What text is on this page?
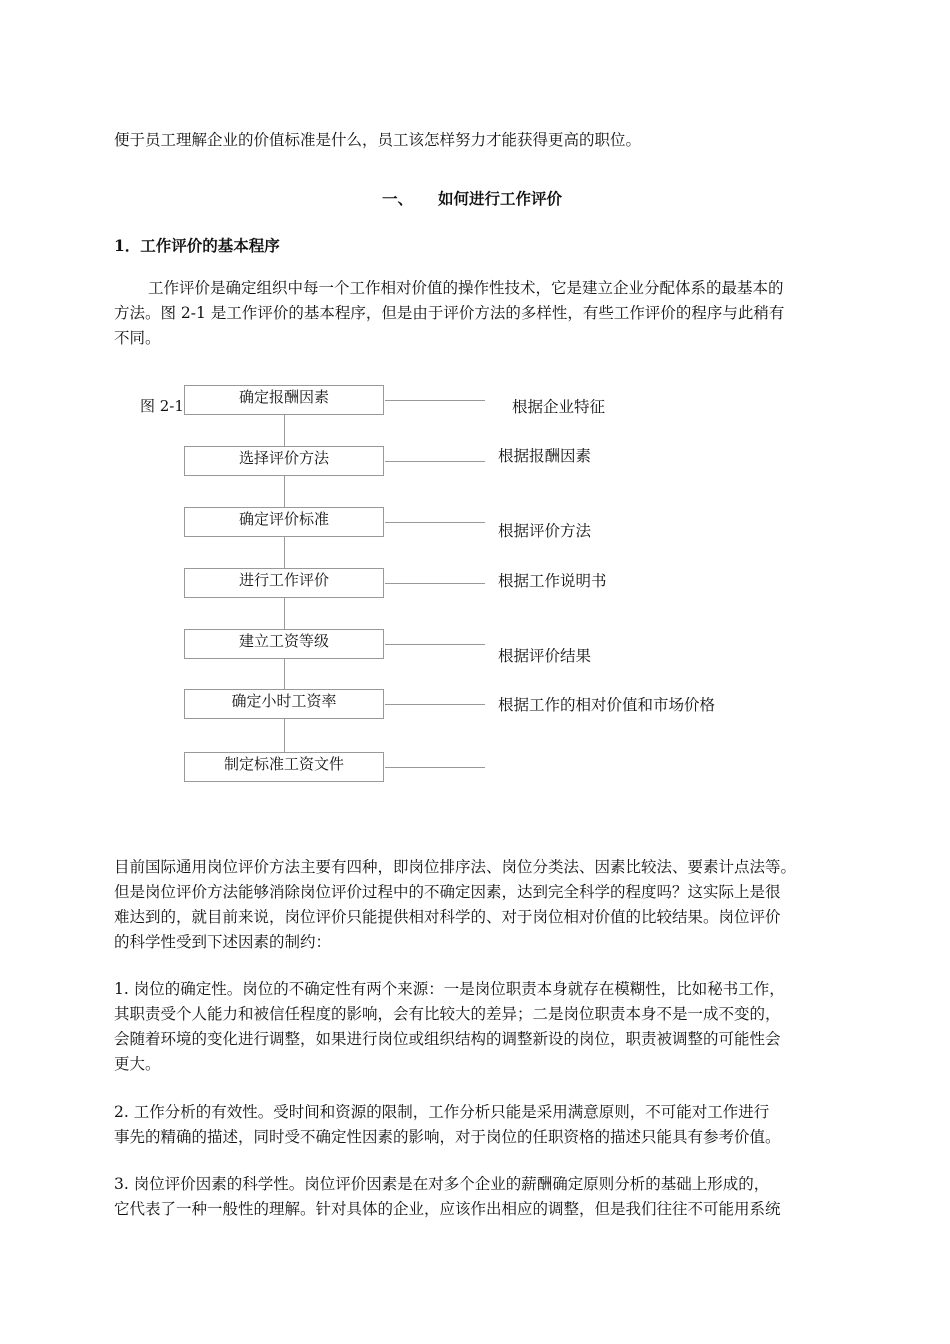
便于员工理解企业的价值标准是什么，员工该怎样努力才能获得更高的职位。
一、 如何进行工作评价
1．工作评价的基本程序
工作评价是确定组织中每一个工作相对价值的操作性技术，它是建立企业分配体系的最基本的
方法。图 2-1 是工作评价的基本程序，但是由于评价方法的多样性，有些工作评价的程序与此稍有
不同。
图 2-1	确定报酬因素
选择评价方法
确定评价标准
进行工作评价
建立工资等级
确定小时工资率
制定标准工资文件
根据企业特征
根据报酬因素
根据评价方法
根据工作说明书
根据评价结果
根据工作的相对价值和市场价格
目前国际通用岗位评价方法主要有四种，即岗位排序法、岗位分类法、因素比较法、要素计点法等。
但是岗位评价方法能够消除岗位评价过程中的不确定因素，达到完全科学的程度吗？这实际上是很
难达到的，就目前来说，岗位评价只能提供相对科学的、对于岗位相对价值的比较结果。岗位评价
的科学性受到下述因素的制约：
1. 岗位的确定性。岗位的不确定性有两个来源：一是岗位职责本身就存在模糊性，比如秘书工作，
其职责受个人能力和被信任程度的影响，会有比较大的差异；二是岗位职责本身不是一成不变的，
会随着环境的变化进行调整，如果进行岗位或组织结构的调整新设的岗位，职责被调整的可能性会
更大。
2. 工作分析的有效性。受时间和资源的限制，工作分析只能是采用满意原则，不可能对工作进行
事先的精确的描述，同时受不确定性因素的影响，对于岗位的任职资格的描述只能具有参考价值。
3. 岗位评价因素的科学性。岗位评价因素是在对多个企业的薪酬确定原则分析的基础上形成的，
它代表了一种一般性的理解。针对具体的企业，应该作出相应的调整，但是我们往往不可能用系统
